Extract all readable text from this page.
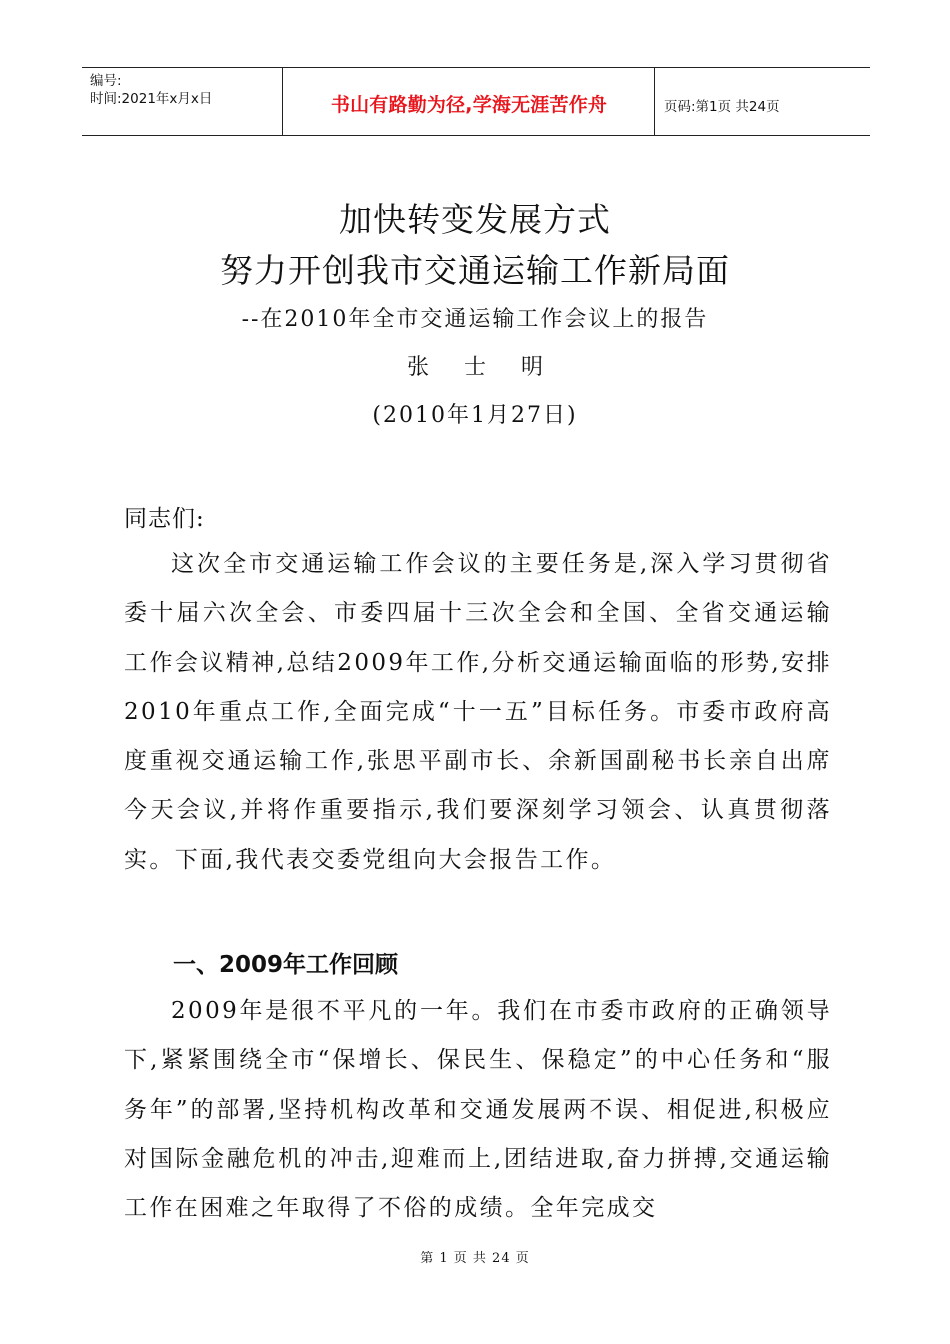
编号:
时间:2021年x月x日	书山有路勤为径,学海无涯苦作舟	页码:第1页 共24页
加快转变发展方式
努力开创我市交通运输工作新局面
--在2010年全市交通运输工作会议上的报告
张 士 明
(2010年1月27日)
同志们:

这次全市交通运输工作会议的主要任务是,深入学习贯彻省委十届六次全会、市委四届十三次全会和全国、全省交通运输工作会议精神,总结2009年工作,分析交通运输面临的形势,安排2010年重点工作,全面完成“十一五”目标任务。市委市政府高度重视交通运输工作,张思平副市长、余新国副秘书长亲自出席今天会议,并将作重要指示,我们要深刻学习领会、认真贯彻落实。下面,我代表交委党组向大会报告工作。

一、2009年工作回顾

2009年是很不平凡的一年。我们在市委市政府的正确领导下,紧紧围绕全市“保增长、保民生、保稳定”的中心任务和“服务年”的部署,坚持机构改革和交通发展两不误、相促进,积极应对国际金融危机的冲击,迎难而上,团结进取,奋力拼搏,交通运输工作在困难之年取得了不俗的成绩。全年完成交

第 1 页 共 24 页
